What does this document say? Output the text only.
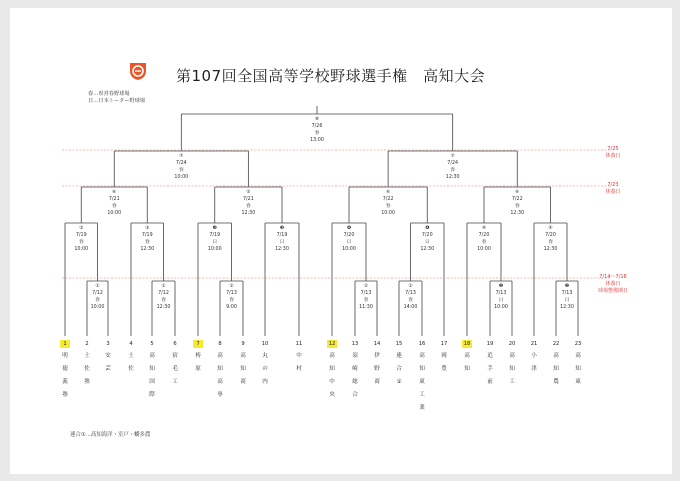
第107回全国高等学校野球選手権　高知大会
春…県営春野球場
日…日本トーター野球場
連合①…高知海洋・室戸・幡多農
①
7/12
春
10:00
①
7/12
春
12:30
②
7/13
春
9:00
②
7/13
春
11:30
②
7/13
春
14:00
❷
7/13
日
10:00
❷
7/13
日
12:30
③
7/19
春
10:00
③
7/19
春
12:30
❸
7/19
日
10:00
❸
7/19
日
12:30
❹
7/20
日
10:00
❹
7/20
日
12:30
④
7/20
春
10:00
④
7/20
春
12:30
⑥
7/21
春
10:00
⑤
7/21
春
12:30
⑥
7/22
春
10:00
⑥
7/22
春
12:30
⑦
7/24
春
10:00
⑦
7/24
春
12:30
⑧
7/26
春
13:00
7/25
休養日
7/23
休養日
7/14〜7/18
休養日
球場整備期日
1
明
徳
義
塾
2
土
佐
塾
3
安
芸
4
土
佐
5
高
知
国
際
6
宿
毛
工
7
梼
原
8
高
知
高
専
9
高
知
商
10
丸
の
内
11
中
村
12
高
知
中
央
13
須
崎
総
合
14
伊
野
商
15
連
合
①
16
高
知
東
工
業
17
岡
豊
18
高
知
19
追
手
前
20
高
知
工
21
小
津
22
高
知
農
23
高
知
東
